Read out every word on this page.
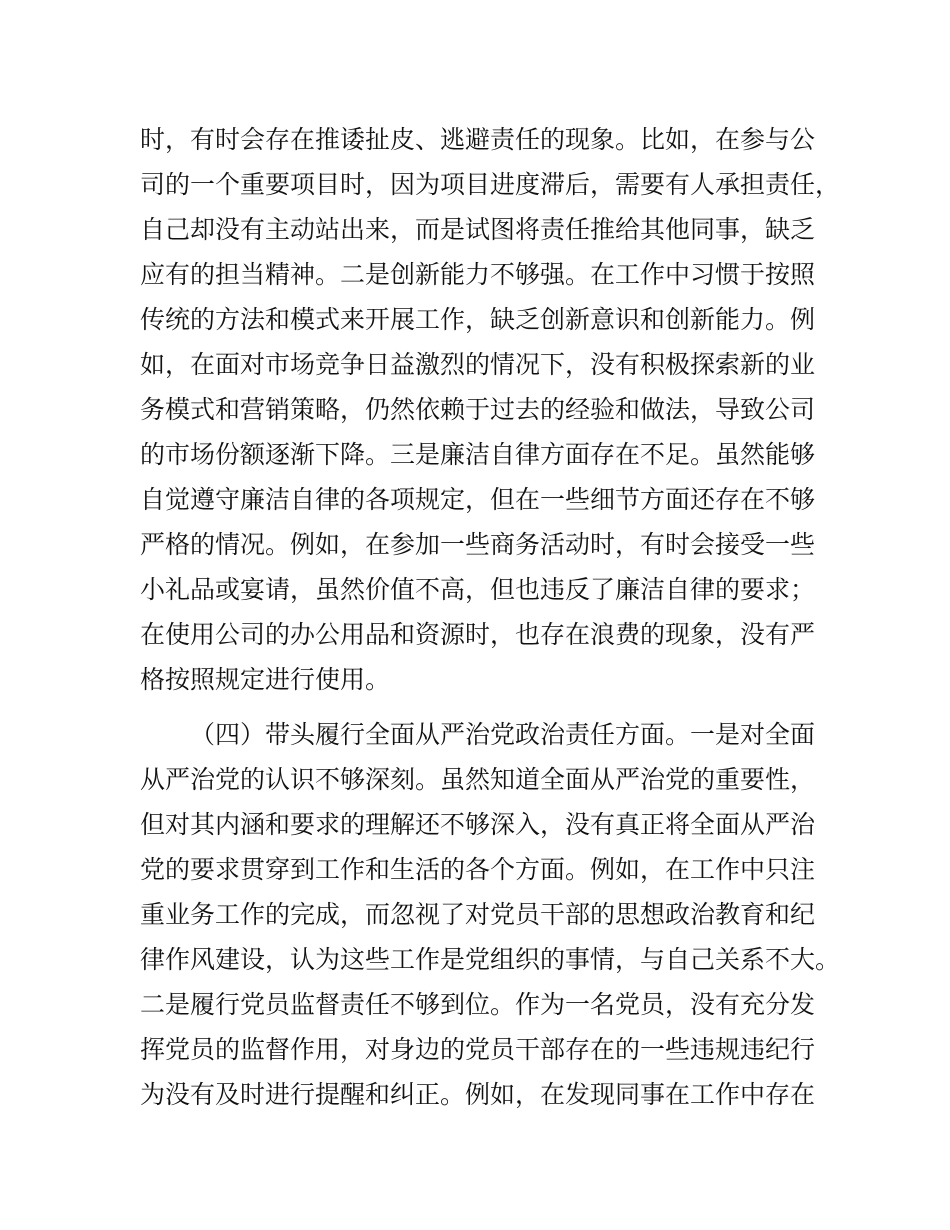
时，有时会存在推诿扯皮、逃避责任的现象。比如，在参与公
司的一个重要项目时，因为项目进度滞后，需要有人承担责任，
自己却没有主动站出来，而是试图将责任推给其他同事，缺乏
应有的担当精神。二是创新能力不够强。在工作中习惯于按照
传统的方法和模式来开展工作，缺乏创新意识和创新能力。例
如，在面对市场竞争日益激烈的情况下，没有积极探索新的业
务模式和营销策略，仍然依赖于过去的经验和做法，导致公司
的市场份额逐渐下降。三是廉洁自律方面存在不足。虽然能够
自觉遵守廉洁自律的各项规定，但在一些细节方面还存在不够
严格的情况。例如，在参加一些商务活动时，有时会接受一些
小礼品或宴请，虽然价值不高，但也违反了廉洁自律的要求；
在使用公司的办公用品和资源时，也存在浪费的现象，没有严
格按照规定进行使用。
（四）带头履行全面从严治党政治责任方面。一是对全面
从严治党的认识不够深刻。虽然知道全面从严治党的重要性，
但对其内涵和要求的理解还不够深入，没有真正将全面从严治
党的要求贯穿到工作和生活的各个方面。例如，在工作中只注
重业务工作的完成，而忽视了对党员干部的思想政治教育和纪
律作风建设，认为这些工作是党组织的事情，与自己关系不大。
二是履行党员监督责任不够到位。作为一名党员，没有充分发
挥党员的监督作用，对身边的党员干部存在的一些违规违纪行
为没有及时进行提醒和纠正。例如，在发现同事在工作中存在
